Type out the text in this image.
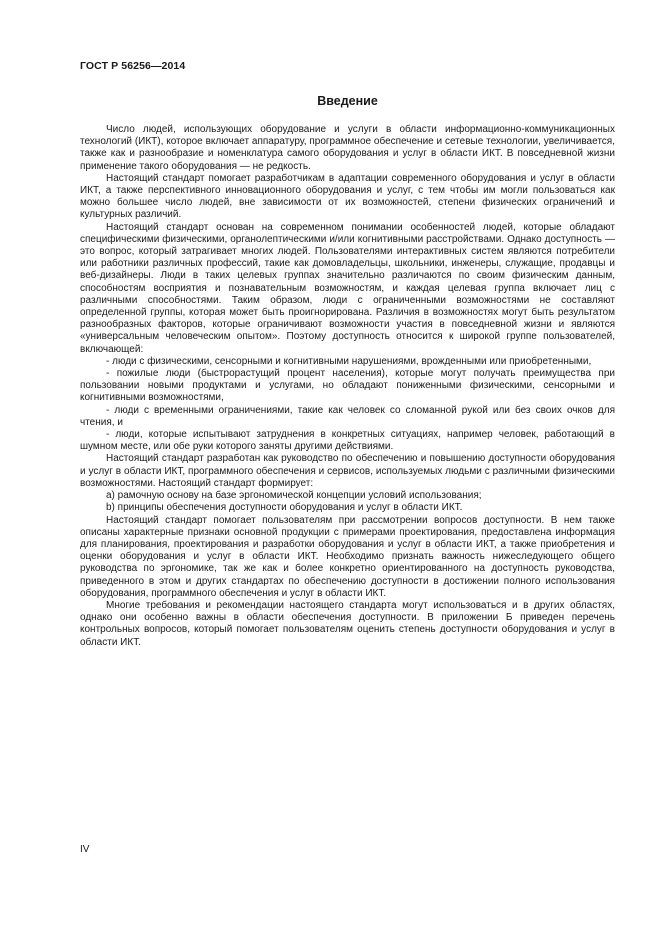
ГОСТ Р 56256—2014
Введение

Число людей, использующих оборудование и услуги в области информационно-коммуникационных технологий (ИКТ), которое включает аппаратуру, программное обеспечение и сетевые технологии, увеличивается, также как и разнообразие и номенклатура самого оборудования и услуг в области ИКТ. В повседневной жизни применение такого оборудования — не редкость.

Настоящий стандарт помогает разработчикам в адаптации современного оборудования и услуг в области ИКТ, а также перспективного инновационного оборудования и услуг, с тем чтобы им могли пользоваться как можно большее число людей, вне зависимости от их возможностей, степени физических ограничений и культурных различий.

Настоящий стандарт основан на современном понимании особенностей людей, которые обладают специфическими физическими, органолептическими и/или когнитивными расстройствами. Однако доступность — это вопрос, который затрагивает многих людей. Пользователями интерактивных систем являются потребители или работники различных профессий, такие как домовладельцы, школьники, инженеры, служащие, продавцы и веб-дизайнеры. Люди в таких целевых группах значительно различаются по своим физическим данным, способностям восприятия и познавательным возможностям, и каждая целевая группа включает лиц с различными способностями. Таким образом, люди с ограниченными возможностями не составляют определенной группы, которая может быть проигнорирована. Различия в возможностях могут быть результатом разнообразных факторов, которые ограничивают возможности участия в повседневной жизни и являются «универсальным человеческим опытом». Поэтому доступность относится к широкой группе пользователей, включающей:

- люди с физическими, сенсорными и когнитивными нарушениями, врожденными или приобретенными,

- пожилые люди (быстрорастущий процент населения), которые могут получать преимущества при пользовании новыми продуктами и услугами, но обладают пониженными физическими, сенсорными и когнитивными возможностями,

- люди с временными ограничениями, такие как человек со сломанной рукой или без своих очков для чтения, и

- люди, которые испытывают затруднения в конкретных ситуациях, например человек, работающий в шумном месте, или обе руки которого заняты другими действиями.

Настоящий стандарт разработан как руководство по обеспечению и повышению доступности оборудования и услуг в области ИКТ, программного обеспечения и сервисов, используемых людьми с различными физическими возможностями. Настоящий стандарт формирует:

а) рамочную основу на базе эргономической концепции условий использования;

b) принципы обеспечения доступности оборудования и услуг в области ИКТ.

Настоящий стандарт помогает пользователям при рассмотрении вопросов доступности. В нем также описаны характерные признаки основной продукции с примерами проектирования, предоставлена информация для планирования, проектирования и разработки оборудования и услуг в области ИКТ, а также приобретения и оценки оборудования и услуг в области ИКТ. Необходимо признать важность нижеследующего общего руководства по эргономике, так же как и более конкретно ориентированного на доступность руководства, приведенного в этом и других стандартах по обеспечению доступности в достижении полного использования оборудования, программного обеспечения и услуг в области ИКТ.

Многие требования и рекомендации настоящего стандарта могут использоваться и в других областях, однако они особенно важны в области обеспечения доступности. В приложении Б приведен перечень контрольных вопросов, который помогает пользователям оценить степень доступности оборудования и услуг в области ИКТ.

IV
